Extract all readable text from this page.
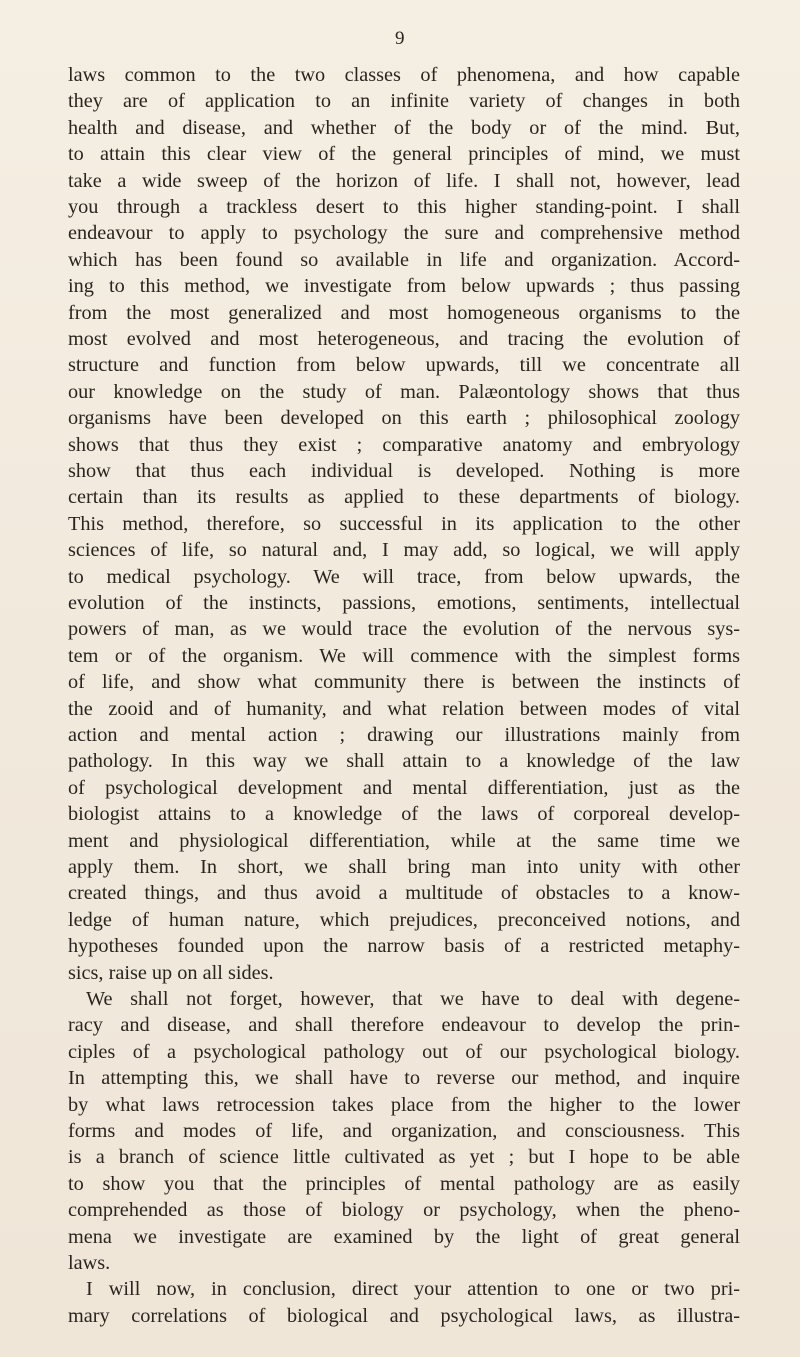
9
laws common to the two classes of phenomena, and how capable
they are of application to an infinite variety of changes in both
health and disease, and whether of the body or of the mind. But,
to attain this clear view of the general principles of mind, we must
take a wide sweep of the horizon of life. I shall not, however, lead
you through a trackless desert to this higher standing-point. I shall
endeavour to apply to psychology the sure and comprehensive method
which has been found so available in life and organization. Accord-
ing to this method, we investigate from below upwards ; thus passing
from the most generalized and most homogeneous organisms to the
most evolved and most heterogeneous, and tracing the evolution of
structure and function from below upwards, till we concentrate all
our knowledge on the study of man. Palæontology shows that thus
organisms have been developed on this earth ; philosophical zoology
shows that thus they exist ; comparative anatomy and embryology
show that thus each individual is developed. Nothing is more
certain than its results as applied to these departments of biology.
This method, therefore, so successful in its application to the other
sciences of life, so natural and, I may add, so logical, we will apply
to medical psychology. We will trace, from below upwards, the
evolution of the instincts, passions, emotions, sentiments, intellectual
powers of man, as we would trace the evolution of the nervous sys-
tem or of the organism. We will commence with the simplest forms
of life, and show what community there is between the instincts of
the zooid and of humanity, and what relation between modes of vital
action and mental action ; drawing our illustrations mainly from
pathology. In this way we shall attain to a knowledge of the law
of psychological development and mental differentiation, just as the
biologist attains to a knowledge of the laws of corporeal develop-
ment and physiological differentiation, while at the same time we
apply them. In short, we shall bring man into unity with other
created things, and thus avoid a multitude of obstacles to a know-
ledge of human nature, which prejudices, preconceived notions, and
hypotheses founded upon the narrow basis of a restricted metaphy-
sics, raise up on all sides.
We shall not forget, however, that we have to deal with degene-
racy and disease, and shall therefore endeavour to develop the prin-
ciples of a psychological pathology out of our psychological biology.
In attempting this, we shall have to reverse our method, and inquire
by what laws retrocession takes place from the higher to the lower
forms and modes of life, and organization, and consciousness. This
is a branch of science little cultivated as yet ; but I hope to be able
to show you that the principles of mental pathology are as easily
comprehended as those of biology or psychology, when the pheno-
mena we investigate are examined by the light of great general
laws.
I will now, in conclusion, direct your attention to one or two pri-
mary correlations of biological and psychological laws, as illustra-
